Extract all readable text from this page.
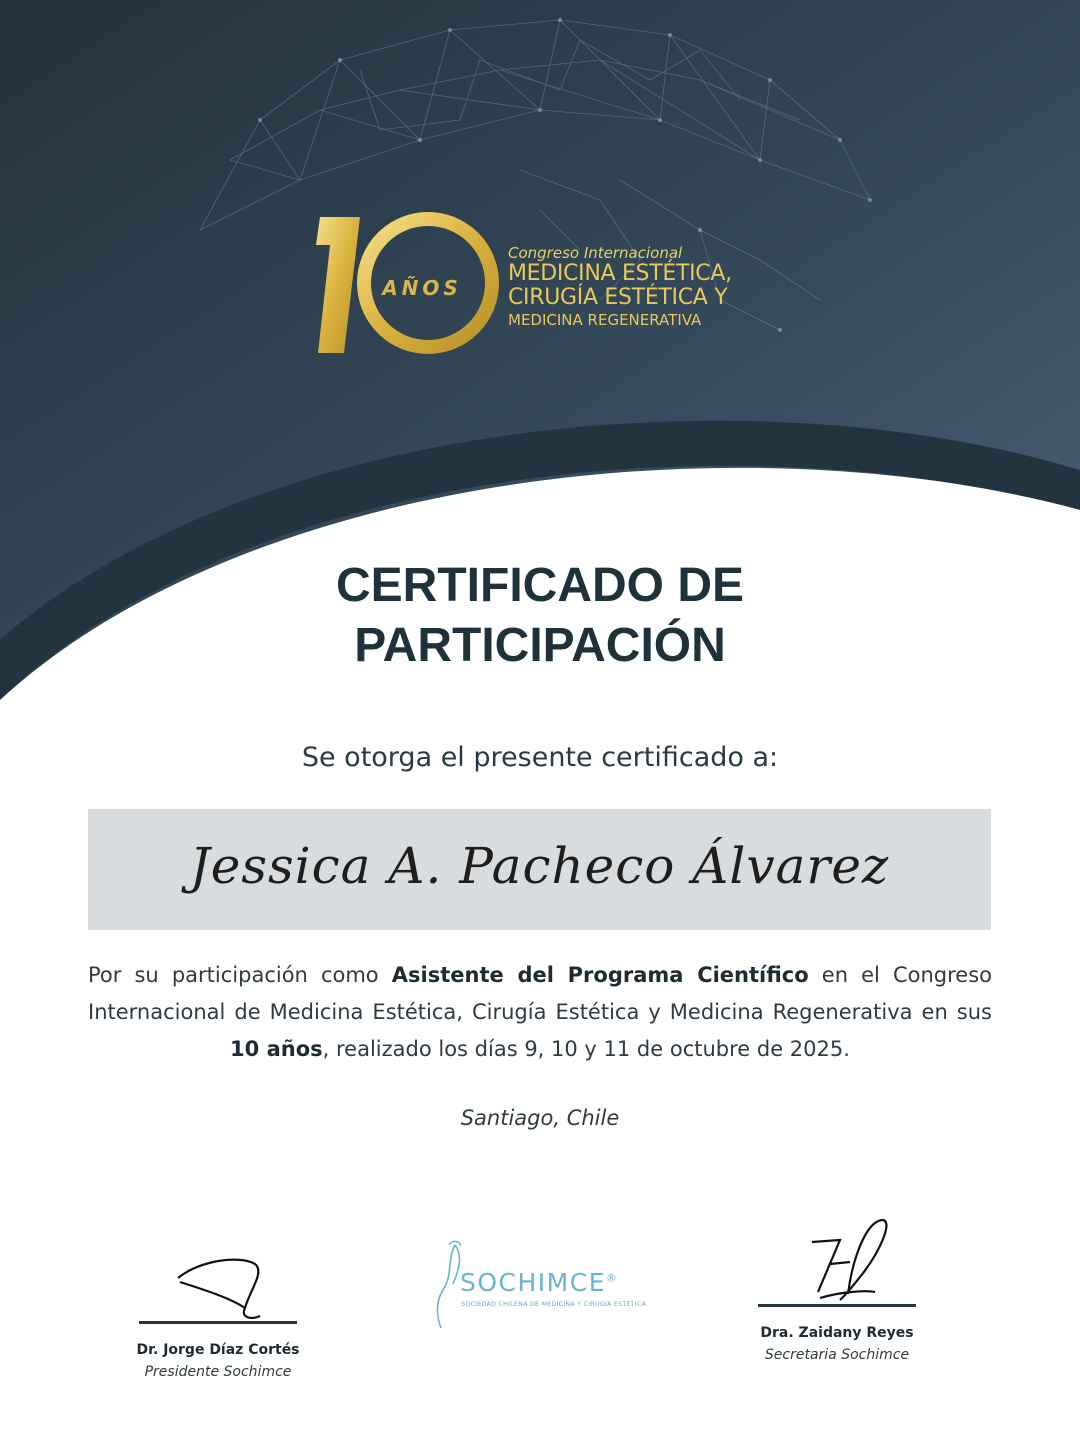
AÑOS
Congreso Internacional
MEDICINA ESTÉTICA,
CIRUGÍA ESTÉTICA Y
MEDICINA REGENERATIVA
CERTIFICADO DE
PARTICIPACIÓN
Se otorga el presente certificado a:
Jessica A. Pacheco Álvarez
Por su participación como Asistente del Programa Científico en el Congreso Internacional de Medicina Estética, Cirugía Estética y Medicina Regenerativa en sus 10 años, realizado los días 9, 10 y 11 de octubre de 2025.
Santiago, Chile
Dr. Jorge Díaz Cortés
Presidente Sochimce
SOCHIMCE®
SOCIEDAD CHILENA DE MEDICINA Y CIRUGÍA ESTÉTICA
Dra. Zaidany Reyes
Secretaria Sochimce
